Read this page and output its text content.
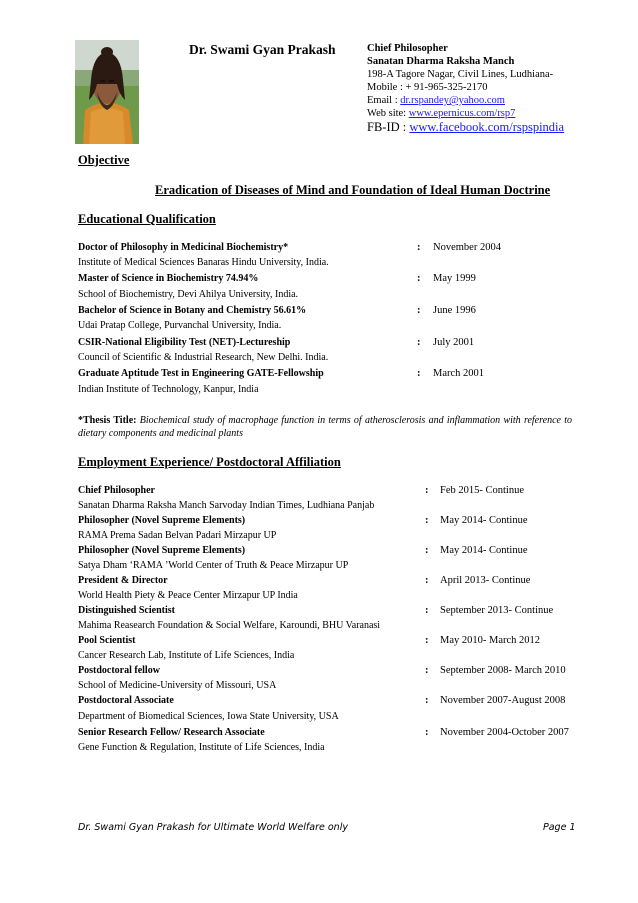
Dr. Swami Gyan Prakash	Chief Philosopher
Sanatan Dharma Raksha Manch
198-A Tagore Nagar, Civil Lines, Ludhiana-
Mobile : + 91-965-325-2170
Email : dr.rspandey@yahoo.com
Web site: www.epernicus.com/rsp7
FB-ID : www.facebook.com/rspspindia
Objective
Eradication of Diseases of Mind and Foundation of Ideal Human Doctrine
Educational Qualification
Doctor of Philosophy in Medicinal Biochemistry*	: November 2004
Institute of Medical Sciences Banaras Hindu University, India.
Master of Science in Biochemistry 74.94%	: May 1999
School of Biochemistry, Devi Ahilya University, India.
Bachelor of Science in Botany and Chemistry 56.61%	: June 1996
Udai Pratap College, Purvanchal University, India.
CSIR-National Eligibility Test (NET)-Lectureship	: July 2001
Council of Scientific & Industrial Research, New Delhi. India.
Graduate Aptitude Test in Engineering GATE-Fellowship	: March 2001
Indian Institute of Technology, Kanpur, India
*Thesis Title: Biochemical study of macrophage function in terms of atherosclerosis and inflammation with reference to dietary components and medicinal plants
Employment Experience/ Postdoctoral Affiliation
Chief Philosopher	: Feb 2015- Continue
Sanatan Dharma Raksha Manch Sarvoday Indian Times, Ludhiana Panjab
Philosopher (Novel Supreme Elements)	: May 2014- Continue
RAMA Prema Sadan Belvan Padari Mirzapur UP
Philosopher (Novel Supreme Elements)	: May 2014- Continue
Satya Dham ‘RAMA ’World Center of Truth & Peace Mirzapur UP
President & Director	: April 2013- Continue
World Health Piety & Peace Center Mirzapur UP India
Distinguished Scientist	: September 2013- Continue
Mahima Reasearch Foundation & Social Welfare, Karoundi, BHU Varanasi
Pool Scientist	: May 2010- March 2012
Cancer Research Lab, Institute of Life Sciences, India
Postdoctoral fellow	: September 2008- March 2010
School of Medicine-University of Missouri, USA
Postdoctoral Associate	: November 2007-August 2008
Department of Biomedical Sciences, Iowa State University, USA
Senior Research Fellow/ Research Associate	: November 2004-October 2007
Gene Function & Regulation, Institute of Life Sciences, India
Dr. Swami Gyan Prakash for Ultimate World Welfare only	Page 1
